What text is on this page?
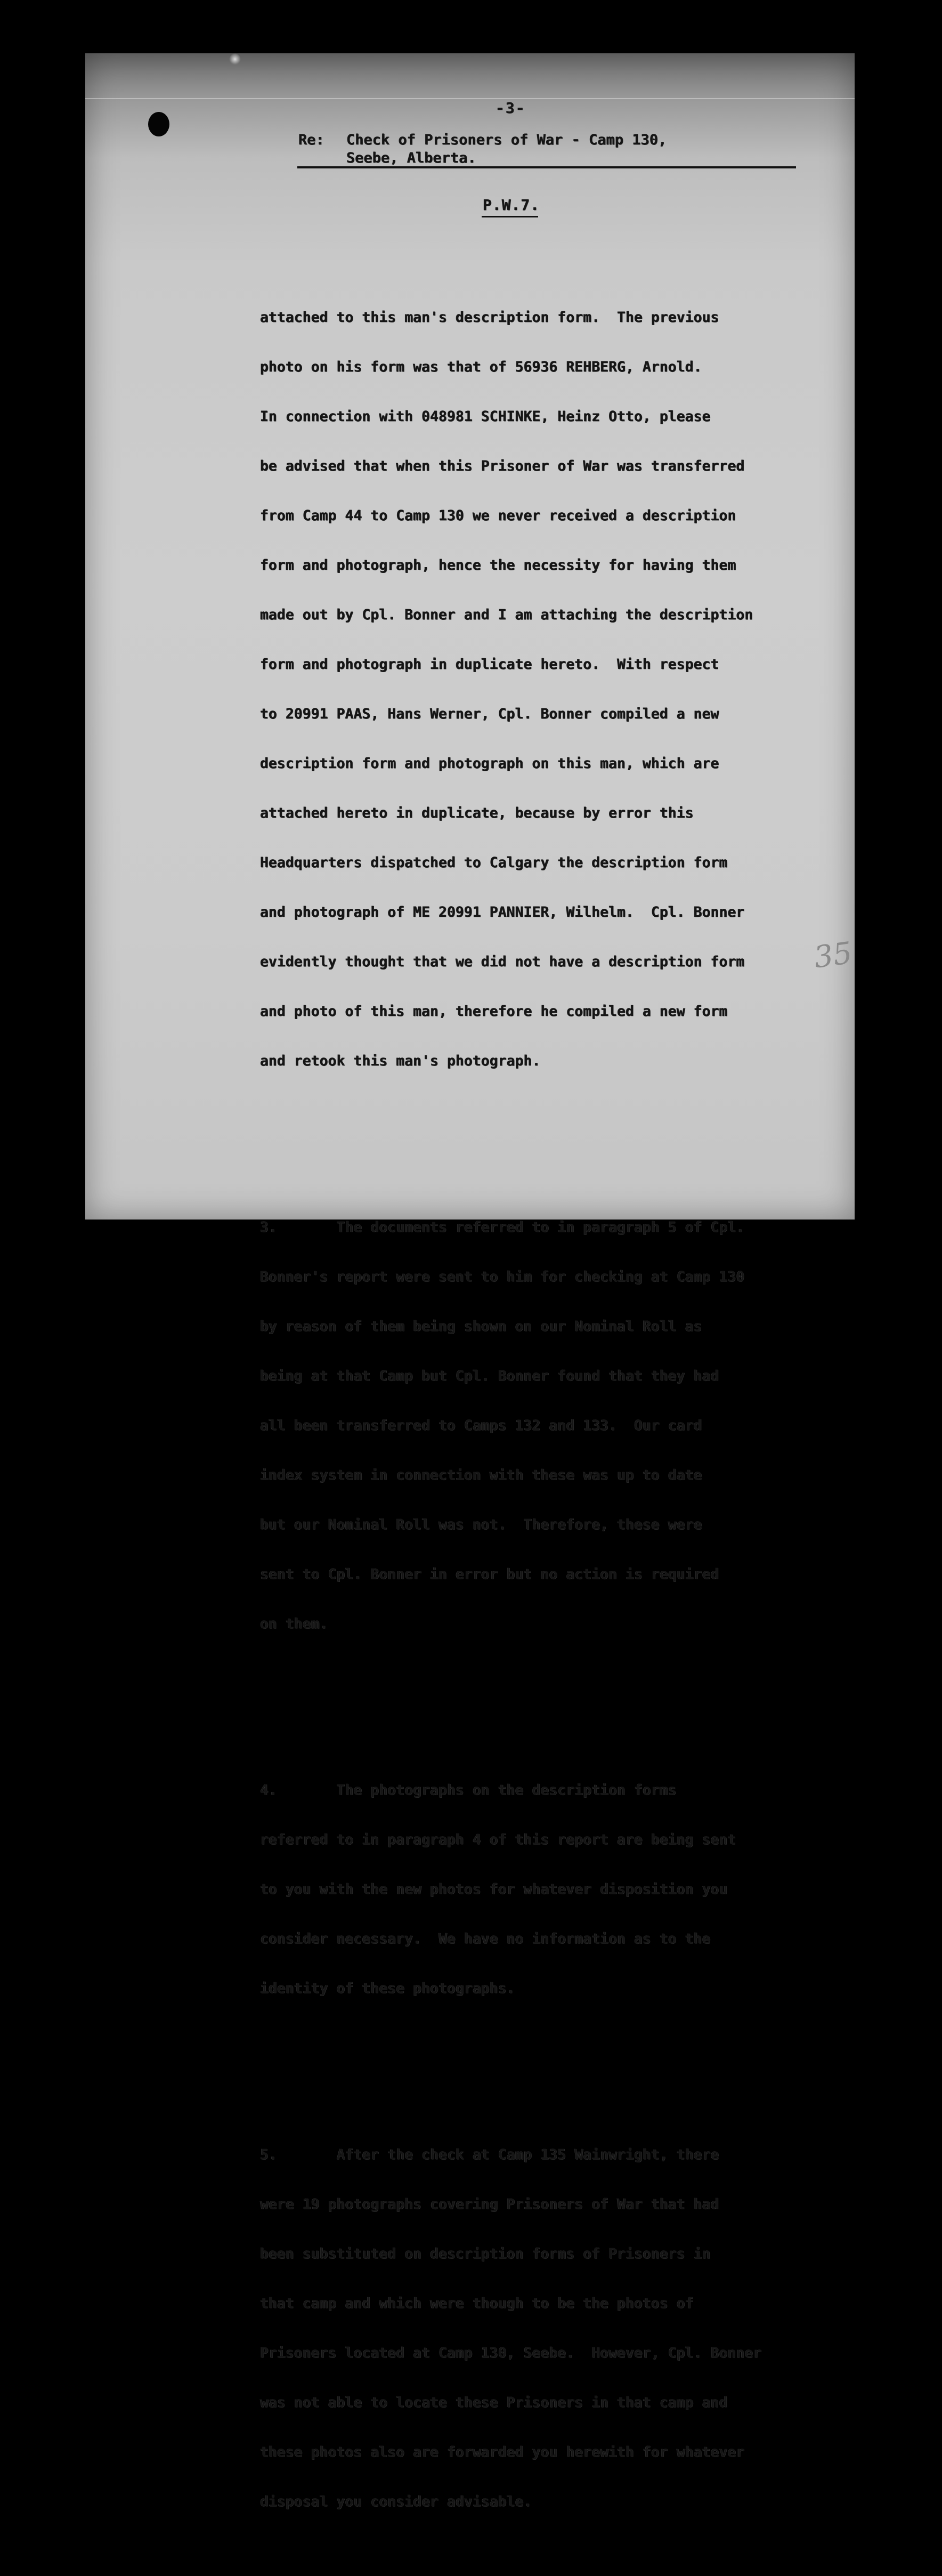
-3-
Re:	Check of Prisoners of War - Camp 130,
Seebe, Alberta.
P.W.7.

attached to this man's description form.  The previous

photo on his form was that of 56936 REHBERG, Arnold.

In connection with 048981 SCHINKE, Heinz Otto, please

be advised that when this Prisoner of War was transferred

from Camp 44 to Camp 130 we never received a description

form and photograph, hence the necessity for having them

made out by Cpl. Bonner and I am attaching the description

form and photograph in duplicate hereto.  With respect

to 20991 PAAS, Hans Werner, Cpl. Bonner compiled a new

description form and photograph on this man, which are

attached hereto in duplicate, because by error this

Headquarters dispatched to Calgary the description form

and photograph of ME 20991 PANNIER, Wilhelm.  Cpl. Bonner

evidently thought that we did not have a description form

and photo of this man, therefore he compiled a new form

and retook this man's photograph.

3.       The documents referred to in paragraph 5 of Cpl.

Bonner's report were sent to him for checking at Camp 130

by reason of them being shown on our Nominal Roll as

being at that Camp but Cpl. Bonner found that they had

all been transferred to Camps 132 and 133.  Our card

index system in connection with these was up to date

but our Nominal Roll was not.  Therefore, these were

sent to Cpl. Bonner in error but no action is required

on them.

4.       The photographs on the description forms

referred to in paragraph 4 of this report are being sent

to you with the new photos for whatever disposition you

consider necessary.  We have no information as to the

identity of these photographs.

5.       After the check at Camp 135 Wainwright, there

were 19 photographs covering Prisoners of War that had

been substituted on description forms of Prisoners in

that camp and which were though to be the photos of

Prisoners located at Camp 130, Seebe.  However, Cpl. Bonner

was not able to locate these Prisoners in that camp and

these photos also are forwarded you herewith for whatever

disposal you consider advisable.

35
